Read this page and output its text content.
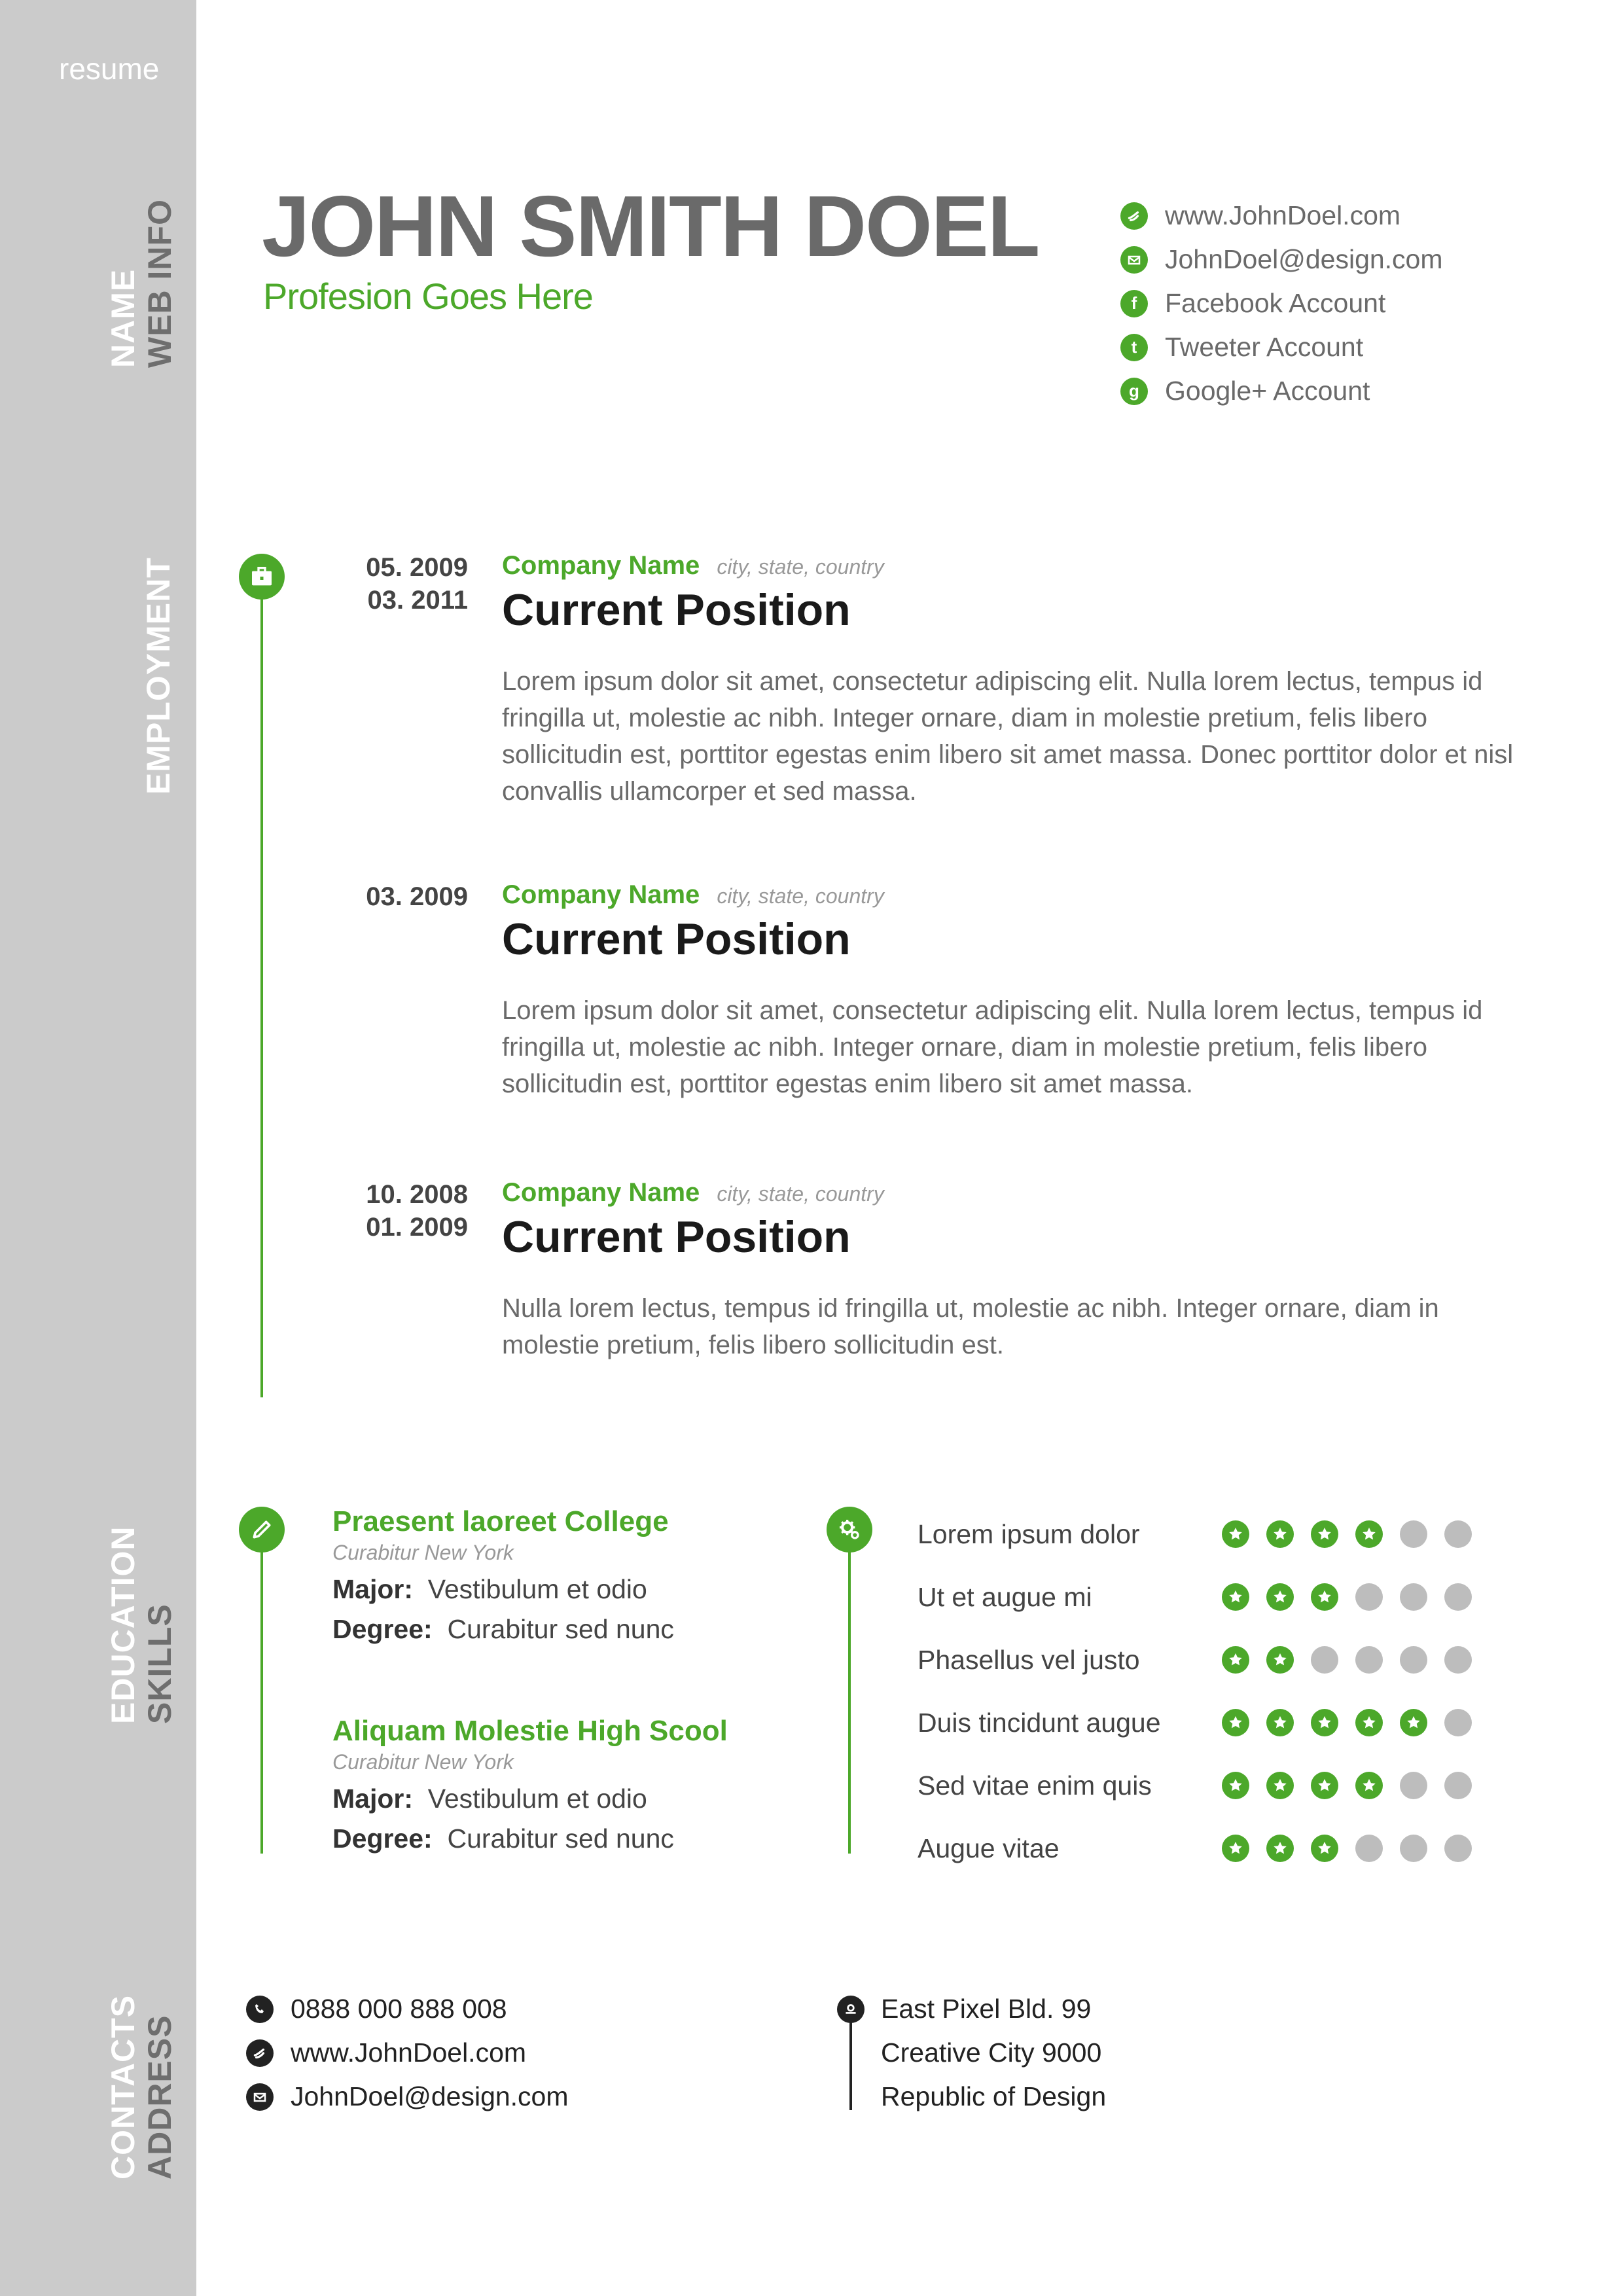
resume
NAME WEB INFO
EMPLOYMENT
EDUCATION SKILLS
CONTACTS ADDRESS
JOHN SMITH DOEL
Profesion Goes Here
www.JohnDoel.com
JohnDoel@design.com
f	Facebook Account
t	Tweeter Account
g Google+ Account
05. 2009
03. 2011
Company Name city, state, country
Current Position
Lorem ipsum dolor sit amet, consectetur adipiscing elit. Nulla lorem lectus, tempus id fringilla ut, molestie ac nibh. Integer ornare, diam in molestie pretium, felis libero sollicitudin est, porttitor egestas enim libero sit amet massa. Donec porttitor dolor et nisl convallis ullamcorper et sed massa.
03. 2009 Company Name city, state, country
Current Position
Lorem ipsum dolor sit amet, consectetur adipiscing elit. Nulla lorem lectus, tempus id fringilla ut, molestie ac nibh. Integer ornare, diam in molestie pretium, felis libero sollicitudin est, porttitor egestas enim libero sit amet massa.
10. 2008
01. 2009
Company Name city, state, country
Current Position
Nulla lorem lectus, tempus id fringilla ut, molestie ac nibh. Integer ornare, diam in molestie pretium, felis libero sollicitudin est.
Praesent laoreet College
Curabitur New York
Major: Vestibulum et odio
Degree: Curabitur sed nunc
Aliquam Molestie High Scool
Curabitur New York
Major: Vestibulum et odio
Degree: Curabitur sed nunc
Lorem ipsum dolor
Ut et augue mi
Phasellus vel justo
Duis tincidunt augue
Sed vitae enim quis
Augue vitae
0888 000 888 008
www.JohnDoel.com
JohnDoel@design.com
East Pixel Bld. 99
Creative City 9000
Republic of Design
